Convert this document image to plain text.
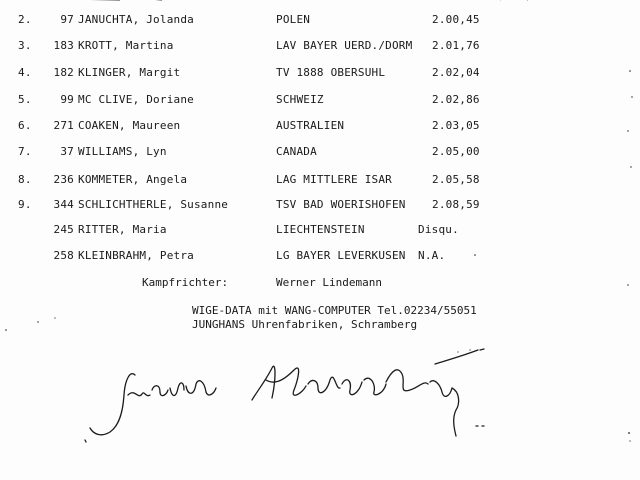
2.	97 JANUCHTA, Jolanda	POLEN	2.00,45
3.	183 KROTT, Martina	LAV BAYER UERD./DORM 2.01,76
4.	182 KLINGER, Margit	TV 1888 OBERSUHL	2.02,04
5.	99 MC CLIVE, Doriane	SCHWEIZ	2.02,86
6.	271 COAKEN, Maureen	AUSTRALIEN	2.03,05
7.	37 WILLIAMS, Lyn	CANADA	2.05,00
8.	236 KOMMETER, Angela	LAG MITTLERE ISAR	2.05,58
9.	344 SCHLICHTHERLE, Susanne	TSV BAD WOERISHOFEN 2.08,59
245 RITTER, Maria	LIECHTENSTEIN	Disqu.
258 KLEINBRAHM, Petra	LG BAYER LEVERKUSEN N.A.
Kampfrichter:	Werner Lindemann
WIGE-DATA mit WANG-COMPUTER Tel.02234/55051
JUNGHANS Uhrenfabriken, Schramberg
